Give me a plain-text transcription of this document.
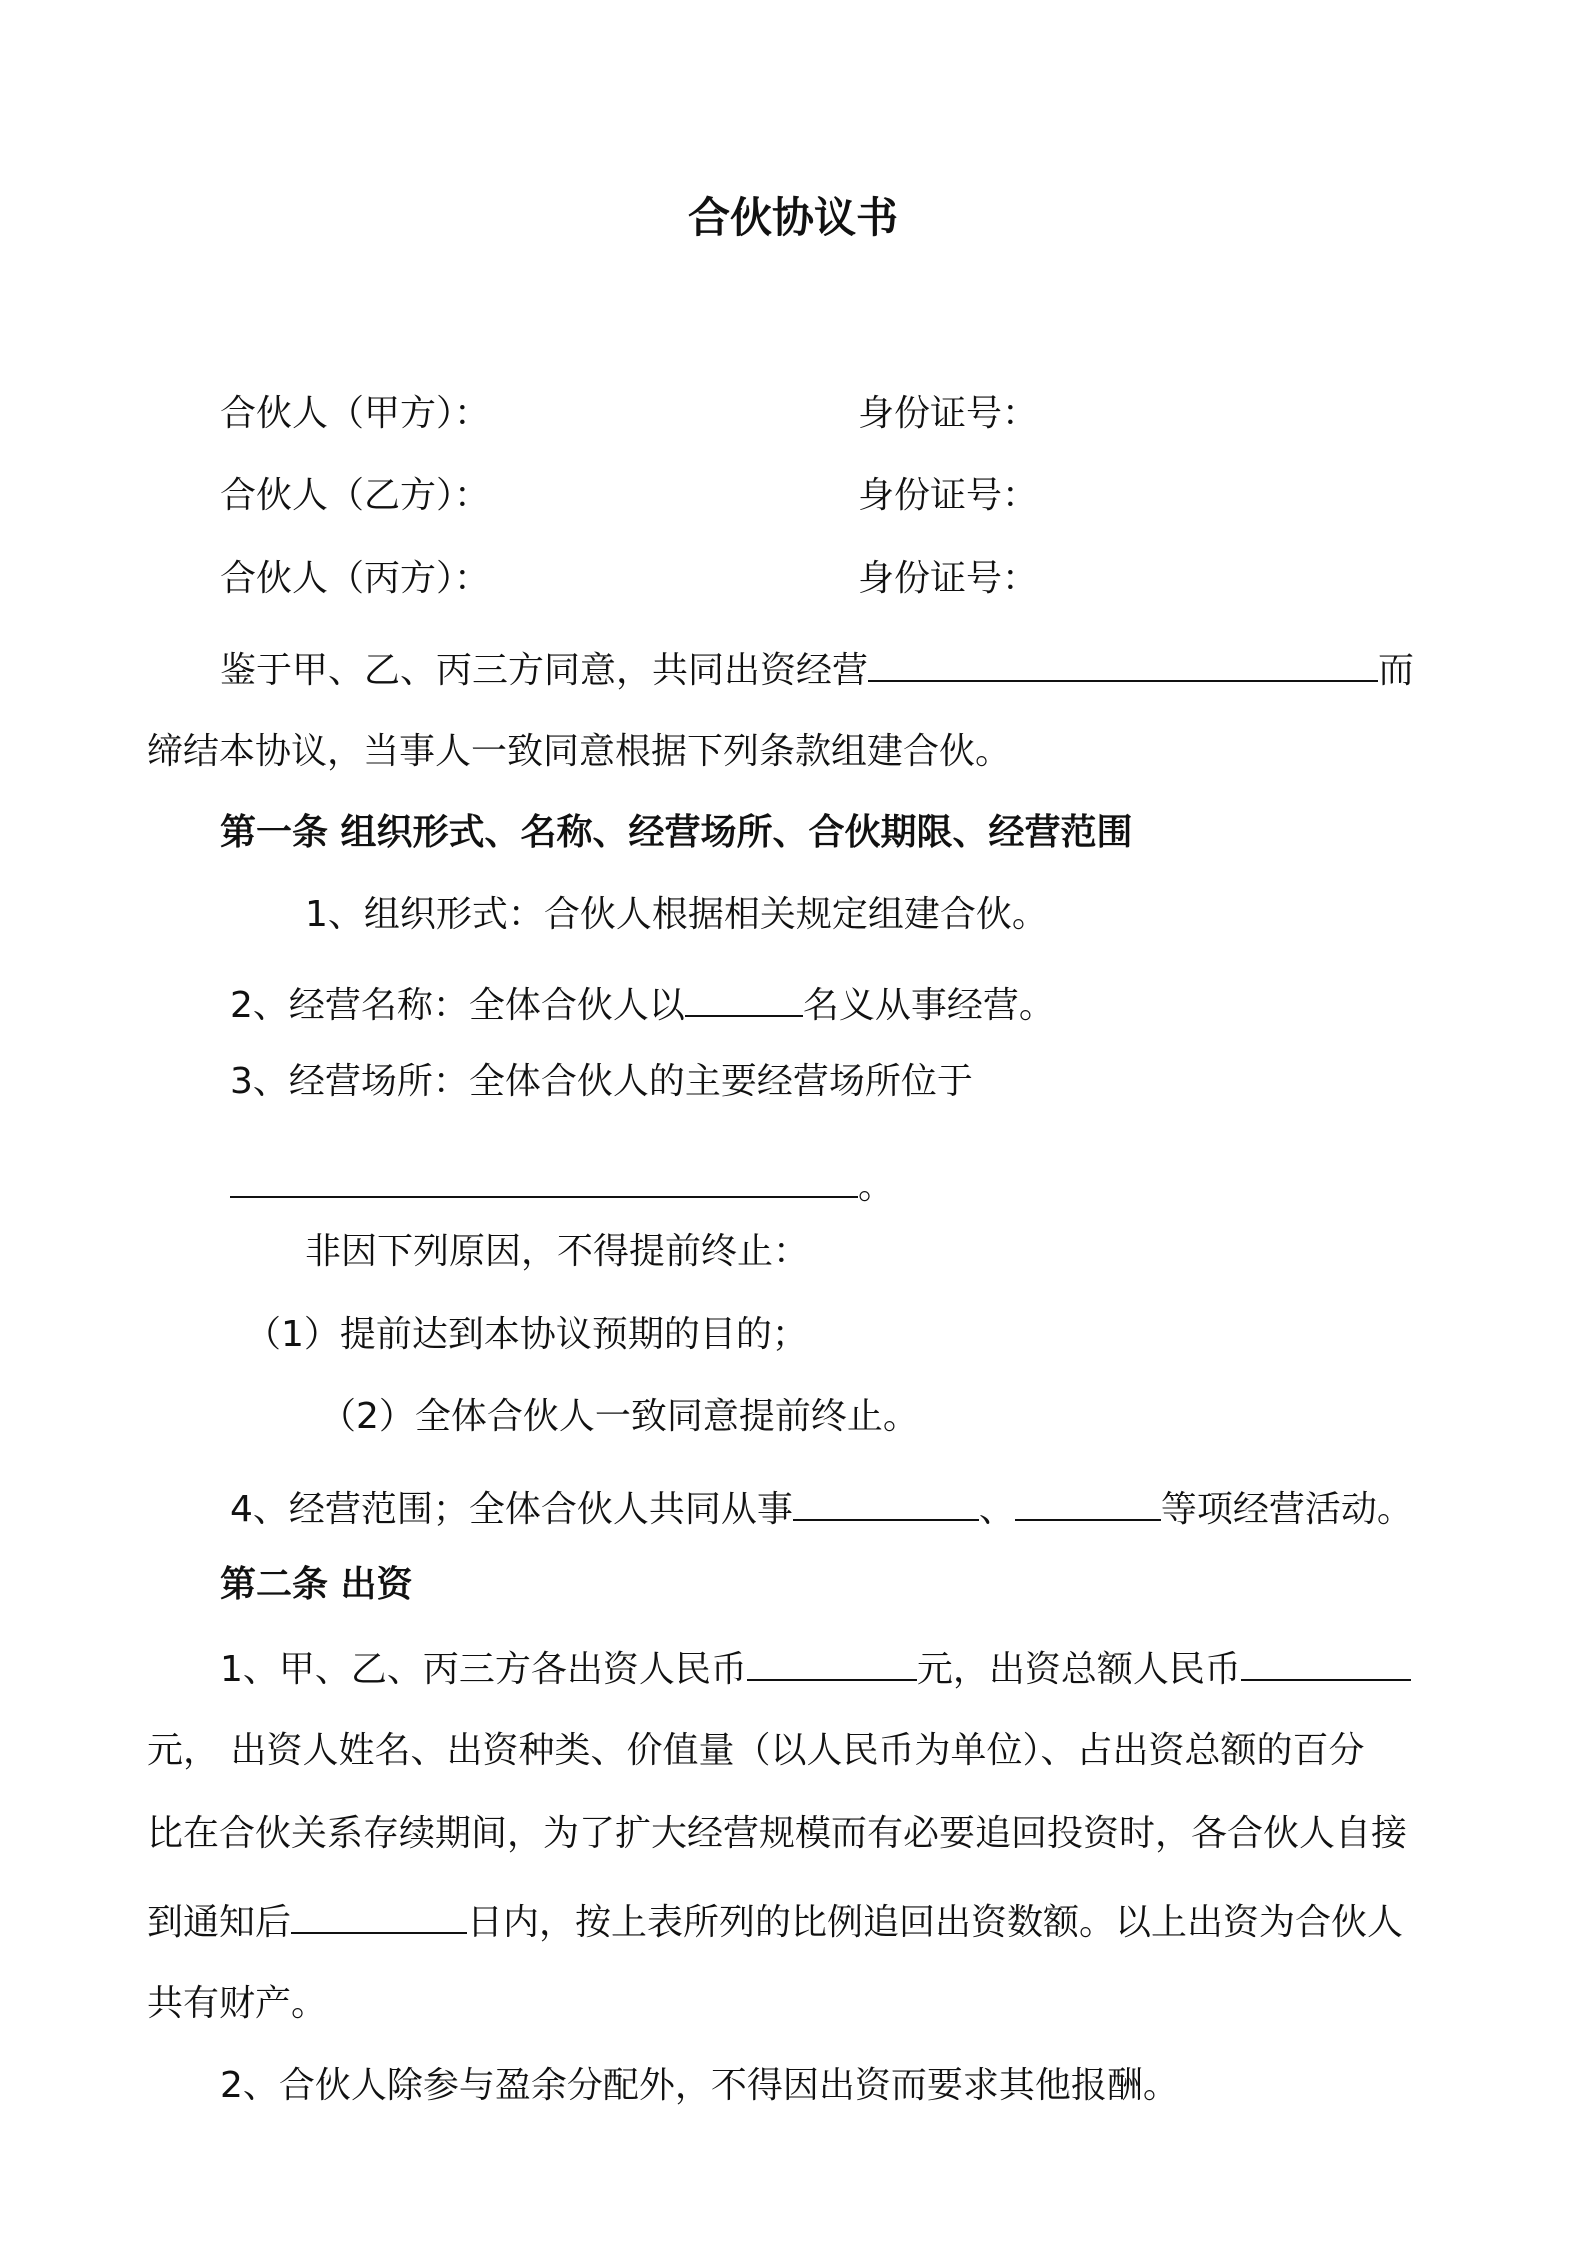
合伙协议书
合伙人（甲方）：	身份证号：
合伙人（乙方）：	身份证号：
合伙人（丙方）：	身份证号：
鉴于甲、乙、丙三方同意，共同出资经营	而
缔结本协议，当事人一致同意根据下列条款组建合伙。
第一条 组织形式、名称、经营场所、合伙期限、经营范围
1、组织形式：合伙人根据相关规定组建合伙。
2、经营名称：全体合伙人以	名义从事经营。
3、经营场所：全体合伙人的主要经营场所位于
。
非因下列原因，不得提前终止：
（1）提前达到本协议预期的目的；
（2）全体合伙人一致同意提前终止。
4、经营范围；全体合伙人共同从事	、	等项经营活动。
第二条 出资
1、甲、乙、丙三方各出资人民币	元，出资总额人民币
元， 出资人姓名、出资种类、价值量（以人民币为单位）、占出资总额的百分
比在合伙关系存续期间，为了扩大经营规模而有必要追回投资时，各合伙人自接
到通知后	日内，按上表所列的比例追回出资数额。以上出资为合伙人
共有财产。
2、合伙人除参与盈余分配外，不得因出资而要求其他报酬。
